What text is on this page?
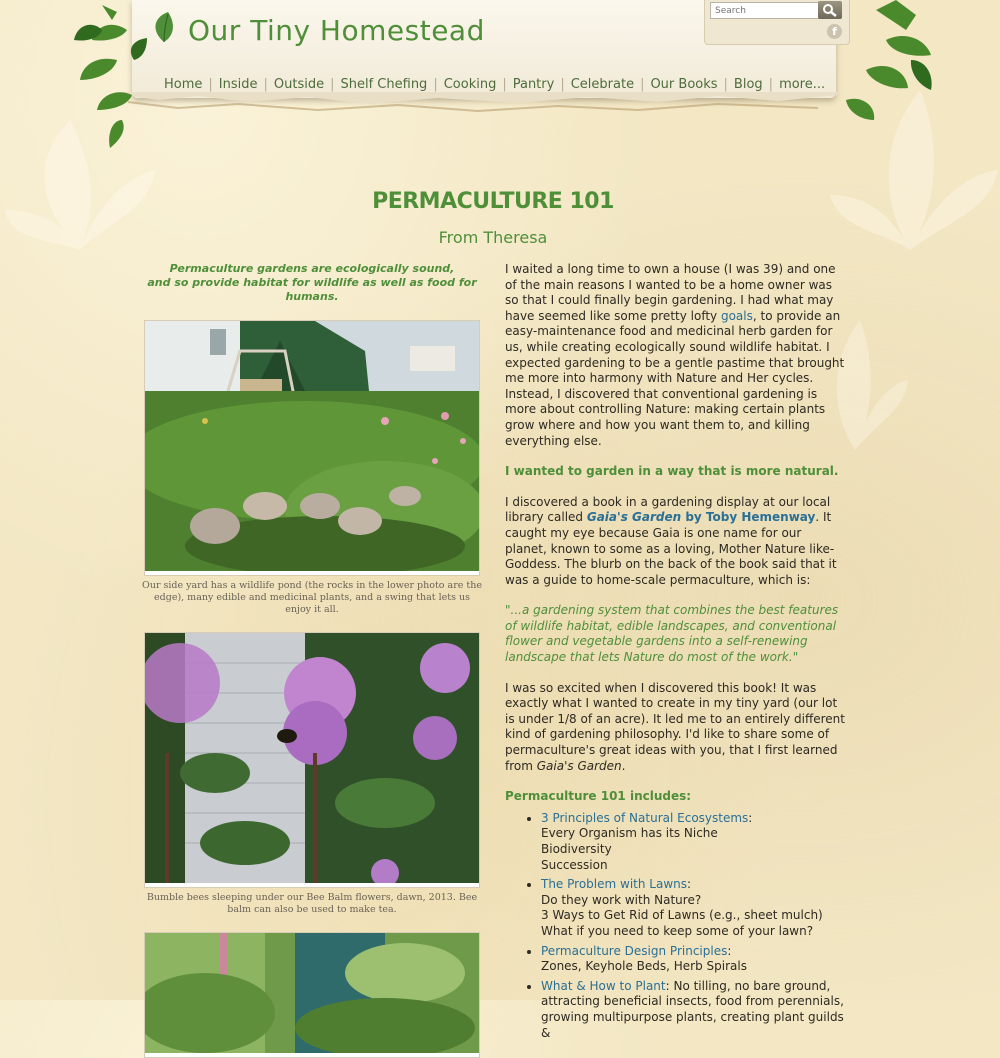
Our Tiny Homestead
Search	f
Home | Inside | Outside | Shelf Chefing | Cooking | Pantry | Celebrate | Our Books | Blog | more...
PERMACULTURE 101
From Theresa
Permaculture gardens are ecologically sound,
and so provide habitat for wildlife as well as food for humans.
Our side yard has a wildlife pond (the rocks in the lower photo are the edge), many edible and medicinal plants, and a swing that lets us enjoy it all.
Bumble bees sleeping under our Bee Balm flowers, dawn, 2013. Bee balm can also be used to make tea.

I waited a long time to own a house (I was 39) and one of the main reasons I wanted to be a home owner was so that I could finally begin gardening. I had what may have seemed like some pretty lofty goals, to provide an easy-maintenance food and medicinal herb garden for us, while creating ecologically sound wildlife habitat. I expected gardening to be a gentle pastime that brought me more into harmony with Nature and Her cycles. Instead, I discovered that conventional gardening is more about controlling Nature: making certain plants grow where and how you want them to, and killing everything else.

I wanted to garden in a way that is more natural.

I discovered a book in a gardening display at our local library called Gaia's Garden by Toby Hemenway. It caught my eye because Gaia is one name for our planet, known to some as a loving, Mother Nature like-Goddess. The blurb on the back of the book said that it was a guide to home-scale permaculture, which is:

"...a gardening system that combines the best features of wildlife habitat, edible landscapes, and conventional flower and vegetable gardens into a self-renewing landscape that lets Nature do most of the work."

I was so excited when I discovered this book! It was exactly what I wanted to create in my tiny yard (our lot is under 1/8 of an acre). It led me to an entirely different kind of gardening philosophy. I'd like to share some of permaculture's great ideas with you, that I first learned from Gaia's Garden.

Permaculture 101 includes:

• 3 Principles of Natural Ecosystems:
Every Organism has its Niche
Biodiversity
Succession
• The Problem with Lawns:
Do they work with Nature?
3 Ways to Get Rid of Lawns (e.g., sheet mulch)
What if you need to keep some of your lawn?
• Permaculture Design Principles:
Zones, Keyhole Beds, Herb Spirals
• What & How to Plant: No tilling, no bare ground, attracting beneficial insects, food from perennials, growing multipurpose plants, creating plant guilds &
